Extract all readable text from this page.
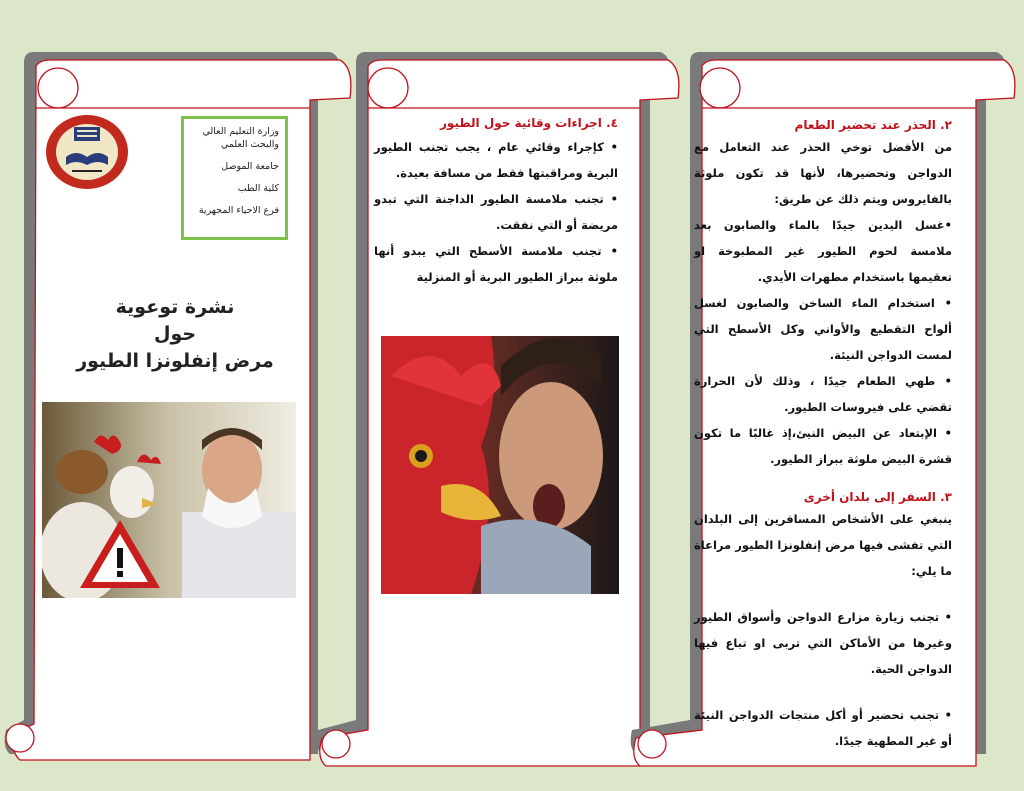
وزارة التعليم العالي والبحث العلمي
جامعة الموصل
كلية الطب
فرع الاحياء المجهرية
نشرة توعوية
حول
مرض إنفلونزا الطيور
٤. اجراءات وقائية حول الطيور

• كإجراء وقائي عام ، يجب تجنب الطيور البرية ومراقبتها فقط من مسافة بعيدة.

• تجنب ملامسة الطيور الداجنة التي تبدو مريضة أو التي نفقت.

• تجنب ملامسة الأسطح التي يبدو أنها ملوثة ببراز الطيور البرية أو المنزلية

٢. الحذر عند تحضير الطعام

من الأفضل توخي الحذر عند التعامل مع الدواجن وتحضيرها، لأنها قد تكون ملوثة بالفايروس ويتم ذلك عن طريق:

•غسل اليدين جيدًا بالماء والصابون بعد ملامسة لحوم الطيور غير المطبوخة او تعقيمها باستخدام مطهرات الأيدي.

• استخدام الماء الساخن والصابون لغسل ألواح التقطيع والأواني وكل الأسطح التي لمست الدواجن النيئة.

• طهي الطعام جيدًا ، وذلك لأن الحرارة تقضي على فيروسات الطيور.

• الإبتعاد عن البيض النيئ،إذ غالبًا ما تكون قشرة البيض ملوثة ببراز الطيور.

٣. السفر إلى بلدان أخرى

ينبغي على الأشخاص المسافرين إلى البلدان التي تفشى فيها مرض إنفلونزا الطيور مراعاة ما يلي:

• تجنب زيارة مزارع الدواجن وأسواق الطيور وغيرها من الأماكن التي تربى او تباع فيها الدواجن الحية.

• تجنب تحضير أو أكل منتجات الدواجن النيئة أو غير المطهية جيدًا.
